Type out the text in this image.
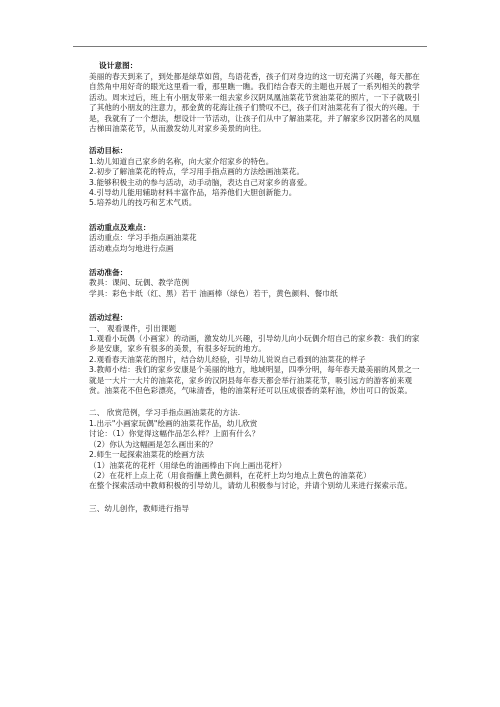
设计意图：

美丽的春天到来了，到处都是绿草如茵，鸟语花香，孩子们对身边的这一切充满了兴趣，每天都在自然角中用好奇的眼光这里看一看，那里瞧一瞧。我们结合春天的主题也开展了一系列相关的教学活动。周末过后，班上有小朋友带来一组去家乡汉阴凤凰油菜花节赏油菜花的照片，一下子就吸引了其他的小朋友的注意力，那金黄的花海让孩子们赞叹不已，孩子们对油菜花有了很大的兴趣。于是，我就有了一个想法，想设计一节活动，让孩子们从中了解油菜花，并了解家乡汉阴著名的凤凰古梯田油菜花节，从而激发幼儿对家乡美景的向往。

活动目标：

1.幼儿知道自己家乡的名称，向大家介绍家乡的特色。

2.初步了解油菜花的特点，学习用手指点画的方法绘画油菜花。

3.能够积极主动的参与活动，动手动脑，表达自己对家乡的喜爱。

4.引导幼儿能用辅助材料丰富作品，培养他们大胆创新能力。

5.培养幼儿的技巧和艺术气质。

活动重点及难点：

活动重点：学习手指点画油菜花

活动难点均匀地进行点画

活动准备：

教具：课间、玩偶、教学范例

学具：彩色卡纸（红、黑）若干 油画棒（绿色）若干，黄色颜料、餐巾纸

活动过程：

一、 观看课件，引出课题

1.观看小玩偶（小画家）的动画，激发幼儿兴趣，引导幼儿向小玩偶介绍自己的家乡教：我们的家乡是安康，家乡有很多的美景，有很多好玩的地方。

2.观看春天油菜花的图片，结合幼儿经验，引导幼儿说说自己看到的油菜花的样子

3.教师小结：我们的家乡安康是个美丽的地方，地域明显，四季分明，每年春天最美丽的风景之一就是一大片一大片的油菜花，家乡的汉阴县每年春天都会举行油菜花节，吸引远方的游客前来观赏。油菜花不但色彩漂亮，气味清香，他的油菜籽还可以压成很香的菜籽油，炒出可口的饭菜。

二、 欣赏范例，学习手指点画油菜花的方法.

1.出示"小画家玩偶"绘画的油菜花作品，幼儿欣赏

讨论：（1）你觉得这幅作品怎么样？上面有什么？

（2）你认为这幅画是怎么画出来的？

2.师生一起探索油菜花的绘画方法

（1）油菜花的花杆（用绿色的油画棒由下向上画出花杆）

（2）在花杆上点上花（用食指蘸上黄色颜料，在花杆上均匀地点上黄色的油菜花）

在整个探索活动中教师积极的引导幼儿，请幼儿积极参与讨论，并请个别幼儿来进行探索示范。

三、幼儿创作，教师进行指导
